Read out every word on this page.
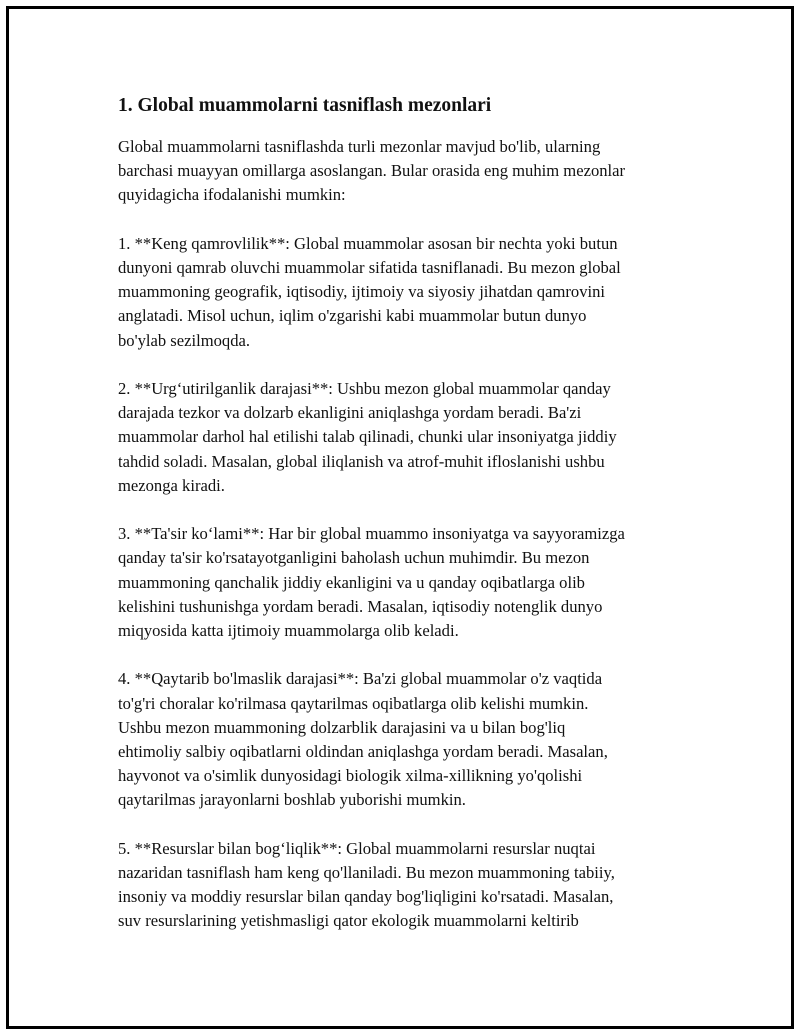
1. Global muammolarni tasniflash mezonlari
Global muammolarni tasniflashda turli mezonlar mavjud bo'lib, ularning
barchasi muayyan omillarga asoslangan. Bular orasida eng muhim mezonlar
quyidagicha ifodalanishi mumkin:
1. **Keng qamrovlilik**: Global muammolar asosan bir nechta yoki butun
dunyoni qamrab oluvchi muammolar sifatida tasniflanadi. Bu mezon global
muammoning geografik, iqtisodiy, ijtimoiy va siyosiy jihatdan qamrovini
anglatadi. Misol uchun, iqlim o'zgarishi kabi muammolar butun dunyo
bo'ylab sezilmoqda.
2. **Urg‘utirilganlik darajasi**: Ushbu mezon global muammolar qanday
darajada tezkor va dolzarb ekanligini aniqlashga yordam beradi. Ba'zi
muammolar darhol hal etilishi talab qilinadi, chunki ular insoniyatga jiddiy
tahdid soladi. Masalan, global iliqlanish va atrof-muhit ifloslanishi ushbu
mezonga kiradi.
3. **Ta'sir ko‘lami**: Har bir global muammo insoniyatga va sayyoramizga
qanday ta'sir ko'rsatayotganligini baholash uchun muhimdir. Bu mezon
muammoning qanchalik jiddiy ekanligini va u qanday oqibatlarga olib
kelishini tushunishga yordam beradi. Masalan, iqtisodiy notenglik dunyo
miqyosida katta ijtimoiy muammolarga olib keladi.
4. **Qaytarib bo'lmaslik darajasi**: Ba'zi global muammolar o'z vaqtida
to'g'ri choralar ko'rilmasa qaytarilmas oqibatlarga olib kelishi mumkin.
Ushbu mezon muammoning dolzarblik darajasini va u bilan bog'liq
ehtimoliy salbiy oqibatlarni oldindan aniqlashga yordam beradi. Masalan,
hayvonot va o'simlik dunyosidagi biologik xilma-xillikning yo'qolishi
qaytarilmas jarayonlarni boshlab yuborishi mumkin.
5. **Resurslar bilan bog‘liqlik**: Global muammolarni resurslar nuqtai
nazaridan tasniflash ham keng qo'llaniladi. Bu mezon muammoning tabiiy,
insoniy va moddiy resurslar bilan qanday bog'liqligini ko'rsatadi. Masalan,
suv resurslarining yetishmasligi qator ekologik muammolarni keltirib
